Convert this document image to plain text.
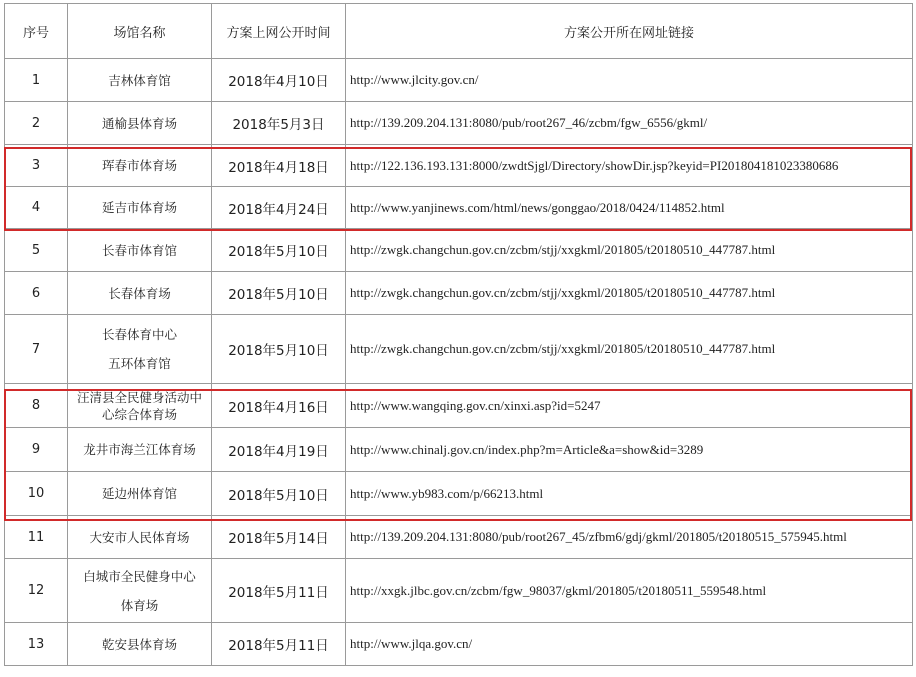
序号	场馆名称	方案上网公开时间	方案公开所在网址链接
1	吉林体育馆	2018年4月10日	http://www.jlcity.gov.cn/
2	通榆县体育场	2018年5月3日	http://139.209.204.131:8080/pub/root267_46/zcbm/fgw_6556/gkml/
3	珲春市体育场	2018年4月18日	http://122.136.193.131:8000/zwdtSjgl/Directory/showDir.jsp?keyid=PI201804181023380686
4	延吉市体育场	2018年4月24日	http://www.yanjinews.com/html/news/gonggao/2018/0424/114852.html
5	长春市体育馆	2018年5月10日	http://zwgk.changchun.gov.cn/zcbm/stjj/xxgkml/201805/t20180510_447787.html
6	长春体育场	2018年5月10日	http://zwgk.changchun.gov.cn/zcbm/stjj/xxgkml/201805/t20180510_447787.html
7	长春体育中心
五环体育馆	2018年5月10日	http://zwgk.changchun.gov.cn/zcbm/stjj/xxgkml/201805/t20180510_447787.html
8	汪清县全民健身活动中
心综合体育场	2018年4月16日	http://www.wangqing.gov.cn/xinxi.asp?id=5247
9	龙井市海兰江体育场	2018年4月19日	http://www.chinalj.gov.cn/index.php?m=Article&a=show&id=3289
10	延边州体育馆	2018年5月10日	http://www.yb983.com/p/66213.html
11	大安市人民体育场	2018年5月14日	http://139.209.204.131:8080/pub/root267_45/zfbm6/gdj/gkml/201805/t20180515_575945.html
12	白城市全民健身中心
体育场	2018年5月11日	http://xxgk.jlbc.gov.cn/zcbm/fgw_98037/gkml/201805/t20180511_559548.html
13	乾安县体育场	2018年5月11日	http://www.jlqa.gov.cn/
